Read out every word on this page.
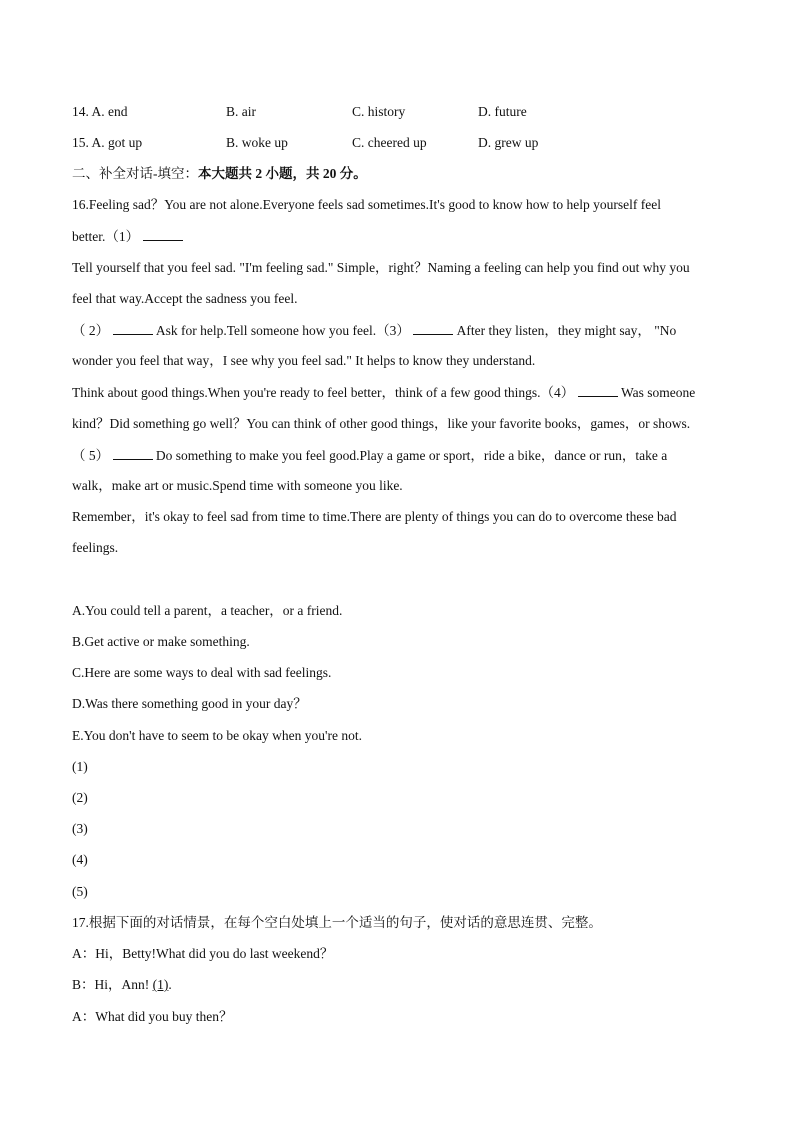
14. A. end	B. air	C. history	D. future
15. A. got up	B. woke up	C. cheered up	D. grew up
二、补全对话-填空：本大题共 2 小题，共 20 分。
16.Feeling sad？You are not alone.Everyone feels sad sometimes.It's good to know how to help yourself feel
better.（1）
Tell yourself that you feel sad. "I'm feeling sad." Simple，right？Naming a feeling can help you find out why you
feel that way.Accept the sadness you feel.
（ 2）	Ask for help.Tell someone how you feel.（3）	After they listen，they might say， "No
wonder you feel that way，I see why you feel sad." It helps to know they understand.
Think about good things.When you're ready to feel better，think of a few good things.（4）	Was someone
kind？Did something go well？You can think of other good things，like your favorite books，games，or shows.
（ 5）	Do something to make you feel good.Play a game or sport，ride a bike，dance or run，take a
walk，make art or music.Spend time with someone you like.
Remember，it's okay to feel sad from time to time.There are plenty of things you can do to overcome these bad
feelings.
A.You could tell a parent，a teacher，or a friend.
B.Get active or make something.
C.Here are some ways to deal with sad feelings.
D.Was there something good in your day？
E.You don't have to seem to be okay when you're not.
(1)
(2)
(3)
(4)
(5)
17.根据下面的对话情景，在每个空白处填上一个适当的句子，使对话的意思连贯、完整。
A：Hi，Betty!What did you do last weekend？
B：Hi，Ann! (1).
A：What did you buy then？
